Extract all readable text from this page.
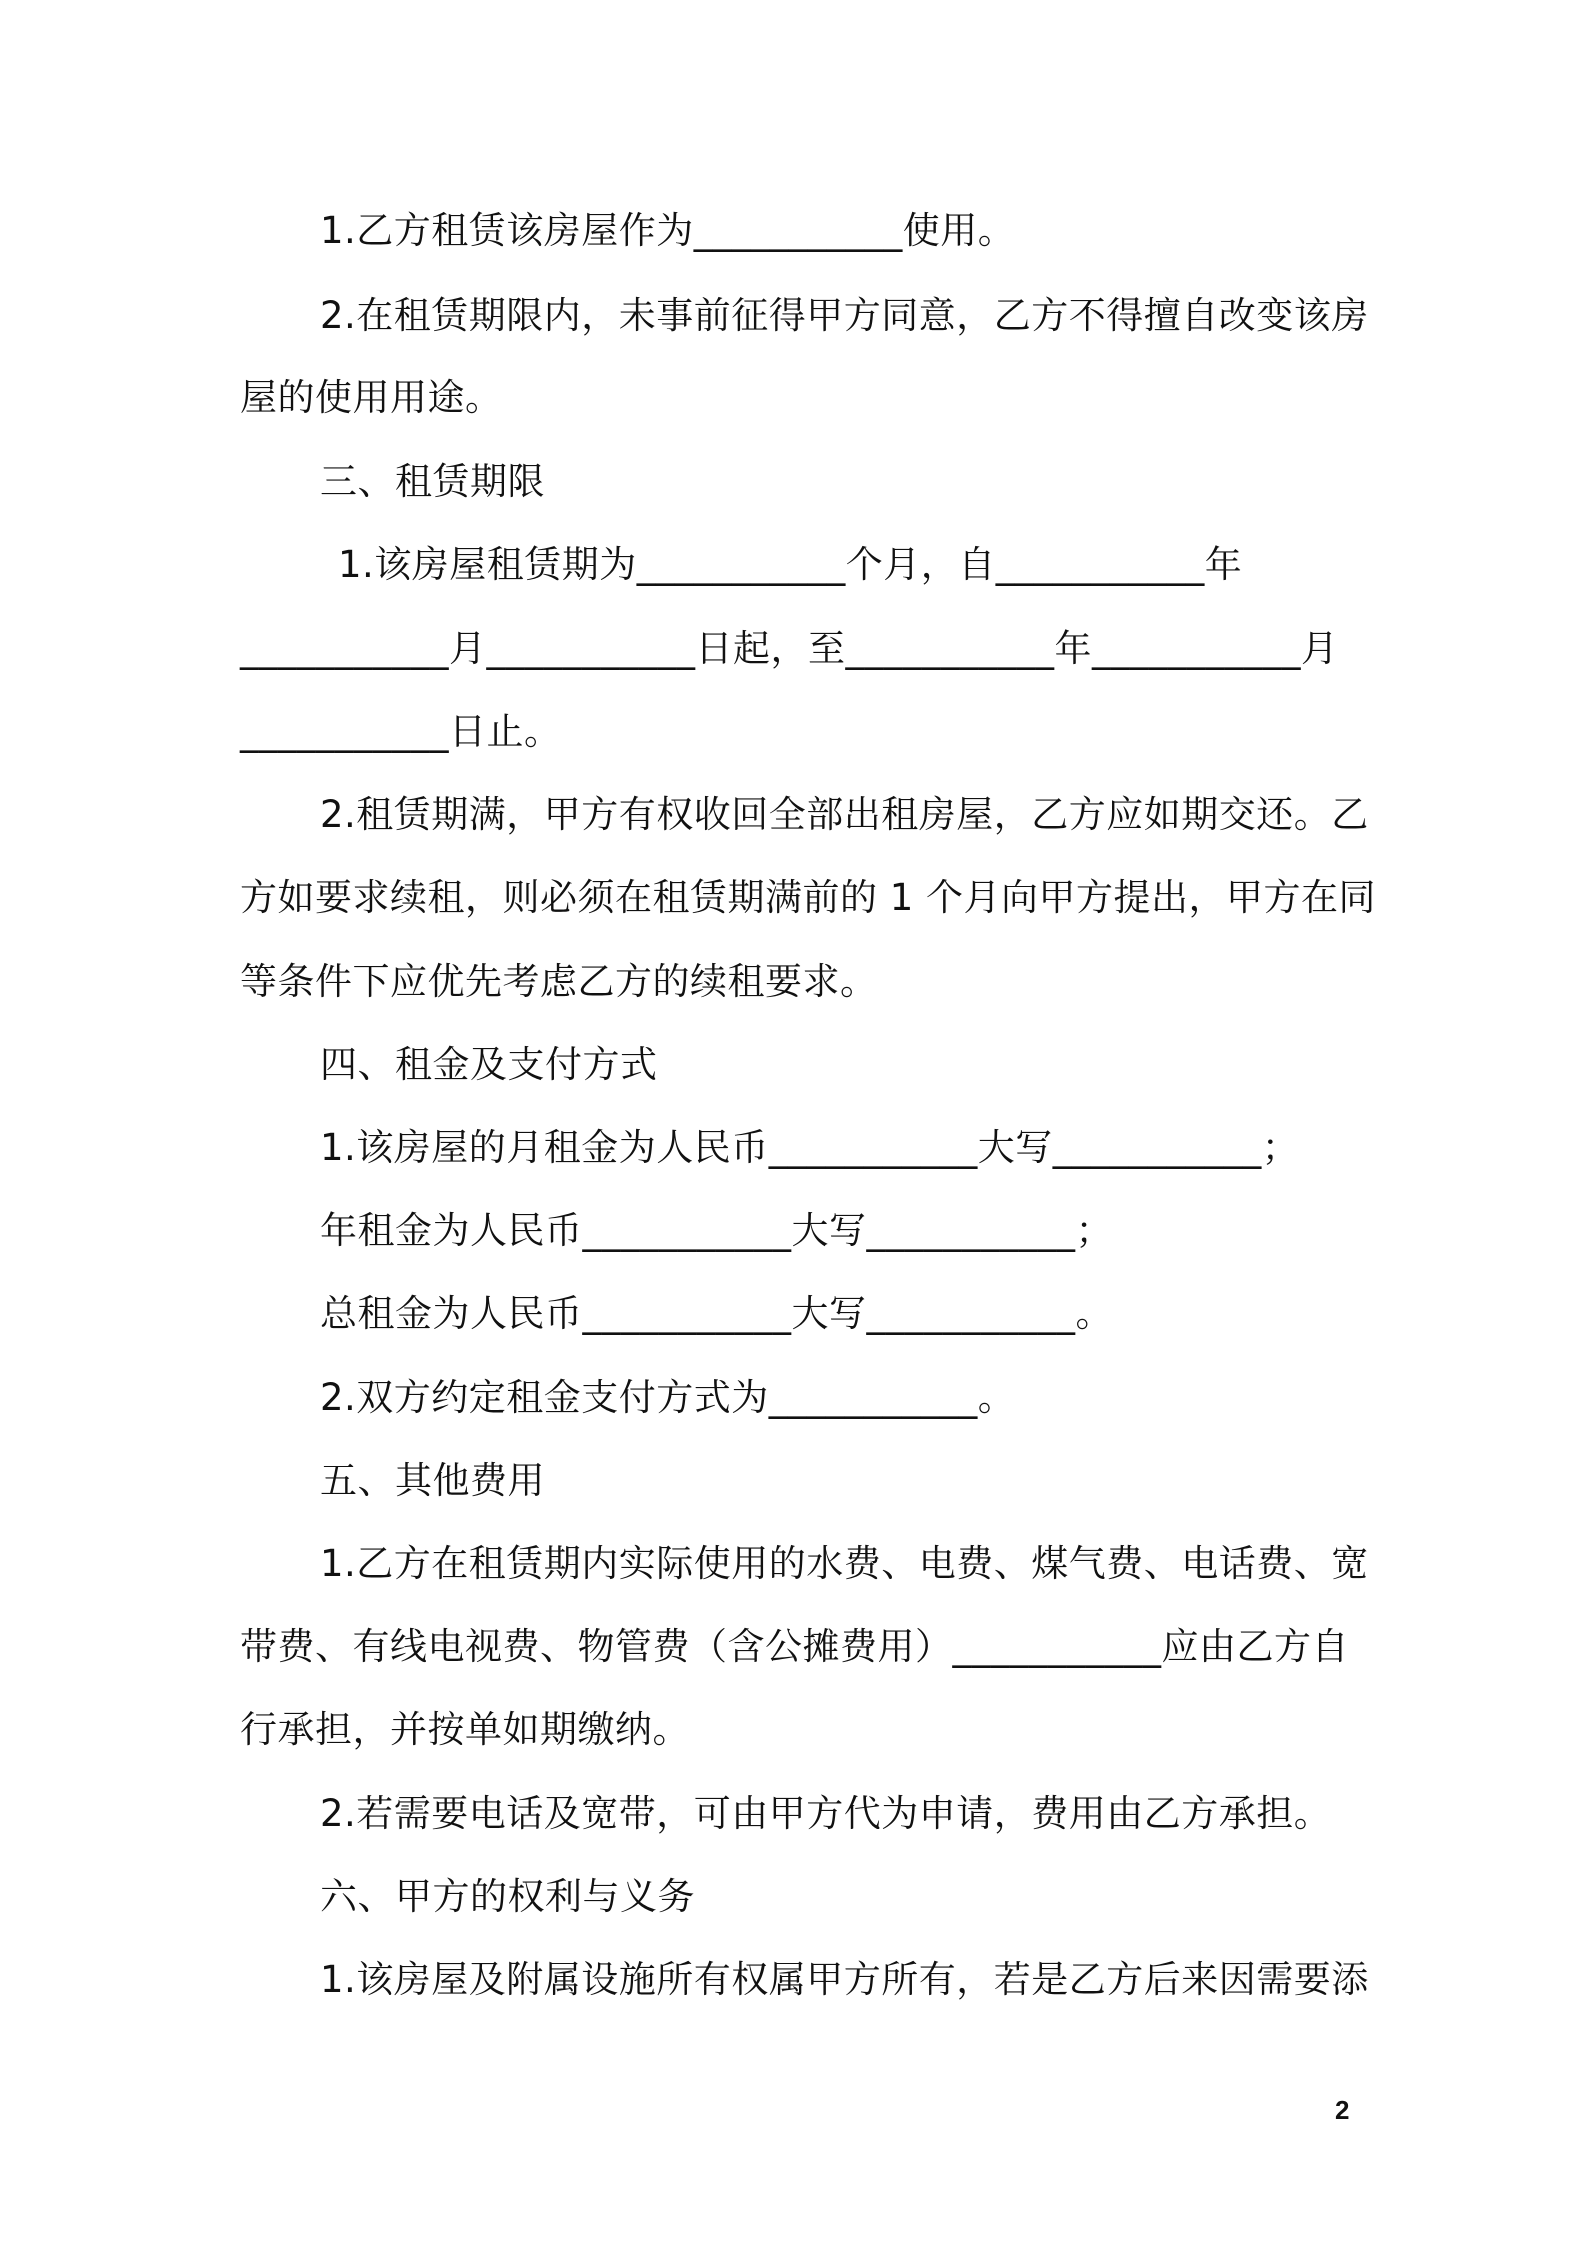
1.乙方租赁该房屋作为___________使用。
2.在租赁期限内，未事前征得甲方同意，乙方不得擅自改变该房
屋的使用用途。
三、租赁期限
1.该房屋租赁期为___________个月，自___________年
___________月___________日起，至___________年___________月
___________日止。
2.租赁期满，甲方有权收回全部出租房屋，乙方应如期交还。乙
方如要求续租，则必须在租赁期满前的 1 个月向甲方提出，甲方在同
等条件下应优先考虑乙方的续租要求。
四、租金及支付方式
1.该房屋的月租金为人民币___________大写___________；
年租金为人民币___________大写___________；
总租金为人民币___________大写___________。
2.双方约定租金支付方式为___________。
五、其他费用
1.乙方在租赁期内实际使用的水费、电费、煤气费、电话费、宽
带费、有线电视费、物管费（含公摊费用）___________应由乙方自
行承担，并按单如期缴纳。
2.若需要电话及宽带，可由甲方代为申请，费用由乙方承担。
六、甲方的权利与义务
1.该房屋及附属设施所有权属甲方所有，若是乙方后来因需要添
2
